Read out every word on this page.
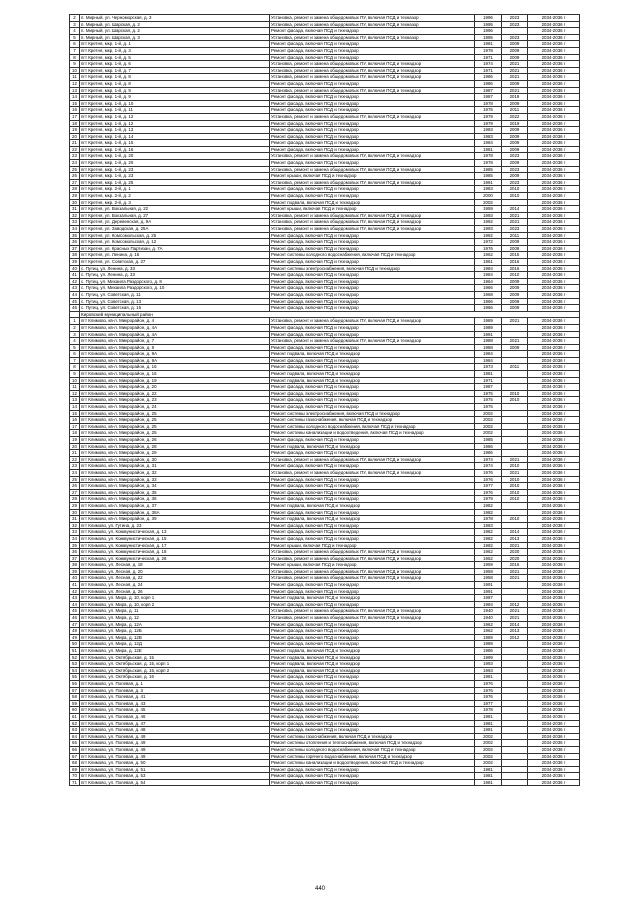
2	п. Мирный, ул. Черноморская, д. 3	Установка, ремонт и замена общедомовых ПУ, включая ПСД и техназор	1996	2023	2034-2036 г
3	п. Мирный, ул. Шарская, д. 2	Установка, ремонт и замена общедомовых ПУ, включая ПСД и техназор	1995	2023	2034-2036 г
4	п. Мирный, ул. Шарская, д. 2	Ремонт фасада, включая ПСД и технадзор	1996		2034-2036 г
5	п. Мирный, ул. Шарская, д. 3	Установка, ремонт и замена общедомовых ПУ, включая ПСД и техназор	1995	2023	2034-2036 г
6	пгт Кретня, мкр. 1-й, д. 1	Ремонт фасада, включая ПСД и технадзор	1981	2009	2034-2036 г
7	пгт Кретня, мкр. 1-й, д. 3	Ремонт фасада, включая ПСД и технадзор	1978	2009	2034-2036 г
8	пгт Кретня, мкр. 1-й, д. 5	Ремонт фасада, включая ПСД и технадзор	1971	2009	2034-2036 г
9	пгт Кретня, мкр. 1-й, д. 6	Установка, ремонт и замена общедомовых ПУ, включая ПСД и технадзор	1974	2021	2034-2036 г
10	пгт Кретня, мкр. 1-й, д. 7	Установка, ремонт и замена общедомовых ПУ, включая ПСД и технадзор	1971	2021	2034-2036 г
11	пгт Кретня, мкр. 1-й, д. 8	Установка, ремонт и замена общедомовых ПУ, включая ПСД и технадзор	1986	2021	2034-2036 г
12	пгт Кретня, мкр. 1-й, д. 8	Ремонт фасада, включая ПСД и технадзор	1986	2009	2034-2036 г
13	пгт Кретня, мкр. 1-й, д. 9	Установка, ремонт и замена общедомовых ПУ, включая ПСД и технадзор	1987	2021	2034-2036 г
14	пгт Кретня, мкр. 1-й, д. 9	Ремонт фасада, включая ПСД и технадзор	1987	2019	2034-2036 г
15	пгт Кретня, мкр. 1-й, д. 10	Ремонт фасада, включая ПСД и технадзор	1978	2009	2034-2036 г
16	пгт Кретня, мкр. 1-й, д. 11	Ремонт фасада, включая ПСД и технадзор	1975	2011	2034-2036 г
17	пгт Кретня, мкр. 1-й, д. 12	Установка, ремонт и замена общедомовых ПУ, включая ПСД и технадзор	1979	2022	2034-2036 г
18	пгт Кретня, мкр. 1-й, д. 12	Ремонт фасада, включая ПСД и технадзор	1979	2019	2034-2036 г
19	пгт Кретня, мкр. 1-й, д. 13	Ремонт фасада, включая ПСД и технадзор	1983	2009	2034-2036 г
20	пгт Кретня, мкр. 1-й, д. 14	Ремонт фасада, включая ПСД и технадзор	1983	2009	2034-2036 г
21	пгт Кретня, мкр. 1-й, д. 15	Ремонт фасада, включая ПСД и технадзор	1984	2009	2034-2036 г
22	пгт Кретня, мкр. 1-й, д. 16	Ремонт фасада, включая ПСД и технадзор	1981	2009	2034-2036 г
23	пгт Кретня, мкр. 1-й, д. 20	Установка, ремонт и замена общедомовых ПУ, включая ПСД и технадзор	1978	2023	2034-2036 г
24	пгт Кретня, мкр. 1-й, д. 20	Ремонт фасада, включая ПСД и технадзор	1978	2009	2034-2036 г
25	пгт Кретня, мкр. 1-й, д. 23	Установка, ремонт и замена общедомовых ПУ, включая ПСД и технадзор	1985	2023	2034-2036 г
26	пгт Кретня, мкр. 1-й, д. 23	Ремонт крыши, включая ПСД и технадзор	1985	2009	2034-2036 г
27	пгт Кретня, мкр. 1-й, д. 25	Установка, ремонт и замена общедомовых ПУ, включая ПСД и технадзор	1991	2023	2034-2036 г
28	пгт Кретня, мкр. 2-й, д. 1	Ремонт фасада, включая ПСД и технадзор	1983	2010	2034-2036 г
29	пгт Кретня, мкр. 2-й, д. 2	Ремонт фасада, включая ПСД и технадзор	2000	2010	2034-2036 г
30	пгт Кретня, мкр. 2-й, д. 3	Ремонт подвала, включая ПСД и технадзор	2002		2034-2036 г
31	пгт Кретня, ул. Вокзальная, д. 22	Ремонт крыши, включая ПСД и технадзор	1959	2014	2034-2036 г
32	пгт Кретня, ул. Вокзальная, д. 27	Установка, ремонт и замена общедомовых ПУ, включая ПСД и технадзор	1993	2021	2034-2036 г
33	пгт Кретня, ул. Деревенская, д. 9А	Установка, ремонт и замена общедомовых ПУ, включая ПСД и технадзор	1992	2021	2034-2036 г
34	пгт Кретня, ул. Заводская, д. 25А	Установка, ремонт и замена общедомовых ПУ, включая ПСД и технадзор	1993	2023	2034-2036 г
35	пгт Кретня, ул. Комсомольская, д. 25	Ремонт фасада, включая ПСД и технадзор	1992	2011	2034-2036 г
36	пгт Кретня, ул. Комсомольская, д. 12	Ремонт фасада, включая ПСД и технадзор	1972	2009	2034-2036 г
37	пгт Кретня, ул. Красных Партизан, д. 7А	Ремонт фасада, включая ПСД и технадзор	1976	2008	2034-2036 г
38	пгт Кретня, ул. Ленина, д. 16	Ремонт системы холодного водоснабжения, включая ПСД и технадзор	1962	2015	2034-2036 г
39	пгт Кретня, ул. Советская, д. 27	Ремонт фасада, включая ПСД и технадзор	1961	2016	2034-2036 г
40	с. Путиц, ул. Ленина, д. 33	Ремонт системы электроснабжения, включая ПСД и технадзор	1984	2016	2034-2036 г
41	с. Путиц, ул. Ленина, д. 33	Ремонт фасада, включая ПСД и технадзор	1984	2010	2034-2036 г
42	с. Путиц, ул. Михаила Раздорского, д. 8	Ремонт фасада, включая ПСД и технадзор	1964	2009	2034-2036 г
43	с. Путиц, ул. Михаила Раздорского, д. 10	Ремонт фасада, включая ПСД и технадзор	1966	2009	2034-2036 г
44	с. Путиц, ул. Советская, д. 11	Ремонт фасада, включая ПСД и технадзор	1968	2009	2034-2036 г
45	с. Путиц, ул. Советская, д. 13	Ремонт фасада, включая ПСД и технадзор	1966	2009	2034-2036 г
46	с. Путиц, ул. Советская, д. 15	Ремонт фасада, включая ПСД и технадзор	1966	2009	2034-2036 г
	Кировский муниципальный район				
1	пгт Климово, кв-л. Микрорайон, д. 4	Установка, ремонт и замена общедомовых ПУ, включая ПСД и технадзор	1989	2021	2034-2036 г
2	пгт Климово, кв-л. Микрорайон, д. 4А	Ремонт фасада, включая ПСД и технадзор	1989		2034-2036 г
3	пгт Климово, кв-л. Микрорайон, д. 4А	Ремонт фасада, включая ПСД и технадзор	1991		2034-2036 г
4	пгт Климово, кв-л. Микрорайон, д. 7	Установка, ремонт и замена общедомовых ПУ, включая ПСД и технадзор	1988	2021	2034-2036 г
5	пгт Климово, кв-л. Микрорайон, д. 8	Ремонт фасада, включая ПСД и технадзор	1988	2009	2034-2036 г
6	пгт Климово, кв-л. Микрорайон, д. 9А	Ремонт подвала, включая ПСД и технадзор	1984		2034-2036 г
7	пгт Климово, кв-л. Микрорайон, д. 9А	Ремонт фасада, включая ПСД и технадзор	1984		2034-2036 г
8	пгт Климово, кв-л. Микрорайон, д. 16	Ремонт фасада, включая ПСД и технадзор	1973	2011	2034-2036 г
9	пгт Климово, кв-л. Микрорайон, д. 16	Ремонт подвала, включая ПСД и технадзор	1981		2034-2036 г
10	пгт Климово, кв-л. Микрорайон, д. 19	Ремонт подвала, включая ПСД и технадзор	1971		2034-2036 г
11	пгт Климово, кв-л. Микрорайон, д. 20	Ремонт фасада, включая ПСД и технадзор	1987		2034-2036 г
12	пгт Климово, кв-л. Микрорайон, д. 22	Ремонт фасада, включая ПСД и технадзор	1975	2010	2034-2036 г
13	пгт Климово, кв-л. Микрорайон, д. 23	Ремонт фасада, включая ПСД и технадзор	1975	2010	2034-2036 г
14	пгт Климово, кв-л. Микрорайон, д. 24	Ремонт фасада, включая ПСД и технадзор	1975		2034-2036 г
15	пгт Климово, кв-л. Микрорайон, д. 25	Ремонт системы электроснабжения, включая ПСД и технадзор	2002		2034-2036 г
16	пгт Климово, кв-л. Микрорайон, д. 25	Ремонт системы газоснабжения, включая ПСД и технадзор	2002		2034-2036 г
17	пгт Климово, кв-л. Микрорайон, д. 25	Ремонт системы холодного водоснабжения, включая ПСД и технадзор	2002		2034-2036 г
18	пгт Климово, кв-л. Микрорайон, д. 25	Ремонт системы канализации и водоотведения, включая ПСД и технадзор	2002		2034-2036 г
19	пгт Климово, кв-л. Микрорайон, д. 26	Ремонт фасада, включая ПСД и технадзор	1985		2034-2036 г
20	пгт Климово, кв-л. Микрорайон, д. 28	Ремонт подвала, включая ПСД и технадзор	1986		2034-2036 г
21	пгт Климово, кв-л. Микрорайон, д. 29	Ремонт фасада, включая ПСД и технадзор	1986		2034-2036 г
22	пгт Климово, кв-л. Микрорайон, д. 30	Установка, ремонт и замена общедомовых ПУ, включая ПСД и технадзор	1974	2021	2034-2036 г
23	пгт Климово, кв-л. Микрорайон, д. 31	Ремонт фасада, включая ПСД и технадзор	1974	2010	2034-2036 г
24	пгт Климово, кв-л. Микрорайон, д. 32	Установка, ремонт и замена общедомовых ПУ, включая ПСД и технадзор	1976	2021	2034-2036 г
25	пгт Климово, кв-л. Микрорайон, д. 33	Ремонт фасада, включая ПСД и технадзор	1976	2010	2034-2036 г
26	пгт Климово, кв-л. Микрорайон, д. 34	Ремонт фасада, включая ПСД и технадзор	1977	2010	2034-2036 г
27	пгт Климово, кв-л. Микрорайон, д. 35	Ремонт фасада, включая ПСД и технадзор	1976	2010	2034-2036 г
28	пгт Климово, кв-л. Микрорайон, д. 36	Ремонт фасада, включая ПСД и технадзор	1979	2010	2034-2036 г
29	пгт Климово, кв-л. Микрорайон, д. 37	Ремонт подвала, включая ПСД и технадзор	1982		2034-2036 г
30	пгт Климово, кв-л. Микрорайон, д. 38А	Ремонт фасада, включая ПСД и технадзор	1982		2034-2036 г
31	пгт Климово, кв-л. Микрорайон, д. 39	Ремонт подвала, включая ПСД и технадзор	1978	2010	2034-2036 г
32	пгт Климово, ул. Гутина, д. 23	Ремонт фасада, включая ПСД и технадзор	1983		2034-2036 г
33	пгт Климово, ул. Коммунистическая, д. 13	Ремонт фасада, включая ПСД и технадзор	1982	2014	2034-2036 г
34	пгт Климово, ул. Коммунистическая, д. 15	Ремонт фасада, включая ПСД и технадзор	1982	2013	2034-2036 г
35	пгт Климово, ул. Коммунистическая, д. 17	Ремонт крыши, включая ПСД и технадзор	1982	2021	2034-2036 г
36	пгт Климово, ул. Коммунистическая, д. 18	Установка, ремонт и замена общедомовых ПУ, включая ПСД и технадзор	1962	2020	2034-2036 г
37	пгт Климово, ул. Коммунистическая, д. 28	Установка, ремонт и замена общедомовых ПУ, включая ПСД и технадзор	1952	2020	2034-2036 г
38	пгт Климово, ул. Лесная, д. 18	Ремонт крыши, включая ПСД и технадзор	1959	2016	2034-2036 г
39	пгт Климово, ул. Лесная, д. 20	Установка, ремонт и замена общедомовых ПУ, включая ПСД и технадзор	1959	2021	2034-2036 г
40	пгт Климово, ул. Лесная, д. 22	Установка, ремонт и замена общедомовых ПУ, включая ПСД и технадзор	1958	2021	2034-2036 г
41	пгт Климово, ул. Лесная, д. 24	Ремонт фасада, включая ПСД и технадзор	1991		2034-2036 г
42	пгт Климово, ул. Лесная, д. 26	Ремонт фасада, включая ПСД и технадзор	1991		2034-2036 г
43	пгт Климово, ул. Мира, д. 10, корп 1	Ремонт подвала, включая ПСД и технадзор	1987		2034-2036 г
44	пгт Климово, ул. Мира, д. 10, корп 2	Ремонт фасада, включая ПСД и технадзор	1984	2012	2034-2036 г
45	пгт Климово, ул. Мира, д. 11	Установка, ремонт и замена общедомовых ПУ, включая ПСД и технадзор	1940	2021	2034-2036 г
46	пгт Климово, ул. Мира, д. 12	Установка, ремонт и замена общедомовых ПУ, включая ПСД и технадзор	1940	2021	2034-2036 г
47	пгт Климово, ул. Мира, д. 12А	Ремонт фасада, включая ПСД и технадзор	1962	2014	2034-2036 г
48	пгт Климово, ул. Мира, д. 12Б	Ремонт фасада, включая ПСД и технадзор	1962	2013	2034-2036 г
49	пгт Климово, ул. Мира, д. 12В	Ремонт фасада, включая ПСД и технадзор	1989	2012	2034-2036 г
50	пгт Климово, ул. Мира, д. 12Д	Ремонт фасада, включая ПСД и технадзор	1989		2034-2036 г
51	пгт Климово, ул. Мира, д. 12Е	Ремонт подвала, включая ПСД и технадзор	1986		2034-2036 г
52	пгт Климово, ул. Октябрьская, д. 15	Ремонт подвала, включая ПСД и технадзор	1999		2034-2036 г
53	пгт Климово, ул. Октябрьская, д. 15, корп 1	Ремонт подвала, включая ПСД и технадзор	1993		2034-2036 г
54	пгт Климово, ул. Октябрьская, д. 15, корп 2	Ремонт подвала, включая ПСД и технадзор	1993		2034-2036 г
55	пгт Климово, ул. Октябрьская, д. 16	Ремонт фасада, включая ПСД и технадзор	1981		2034-2036 г
56	пгт Климово, ул. Полевая, д. 1	Ремонт фасада, включая ПСД и технадзор	1976		2034-2036 г
57	пгт Климово, ул. Полевая, д. 3	Ремонт фасада, включая ПСД и технадзор	1976		2034-2036 г
58	пгт Климово, ул. Полевая, д. 41	Ремонт фасада, включая ПСД и технадзор	1976		2034-2036 г
59	пгт Климово, ул. Полевая, д. 43	Ремонт фасада, включая ПСД и технадзор	1977		2034-2036 г
60	пгт Климово, ул. Полевая, д. 45	Ремонт фасада, включая ПСД и технадзор	1978		2034-2036 г
61	пгт Климово, ул. Полевая, д. 46	Ремонт фасада, включая ПСД и технадзор	1981		2034-2036 г
62	пгт Климово, ул. Полевая, д. 47	Ремонт фасада, включая ПСД и технадзор	1981		2034-2036 г
63	пгт Климово, ул. Полевая, д. 48	Ремонт фасада, включая ПСД и технадзор	1981		2034-2036 г
64	пгт Климово, ул. Полевая, д. 49	Ремонт системы газоснабжения, включая ПСД и технадзор	2002		2034-2036 г
65	пгт Климово, ул. Полевая, д. 49	Ремонт системы отопления и теплоснабжения, включая ПСД и технадзор	2002		2034-2036 г
66	пгт Климово, ул. Полевая, д. 49	Ремонт системы холодного водоснабжения, включая ПСД и технадзор	2002		2034-2036 г
67	пгт Климово, ул. Полевая, д. 49	Ремонт системы горячего водоснабжения, включая ПСД и технадзор	2002		2034-2036 г
68	пгт Климово, ул. Полевая, д. 50	Ремонт системы канализации и водоотведения, включая ПСД и технадзор	2002		2034-2036 г
69	пгт Климово, ул. Полевая, д. 51	Ремонт фасада, включая ПСД и технадзор	1981		2034-2036 г
70	пгт Климово, ул. Полевая, д. 53	Ремонт фасада, включая ПСД и технадзор	1981		2034-2036 г
71	пгт Климово, ул. Полевая, д. 54	Ремонт фасада, включая ПСД и технадзор	1981		2034-2036 г
440
